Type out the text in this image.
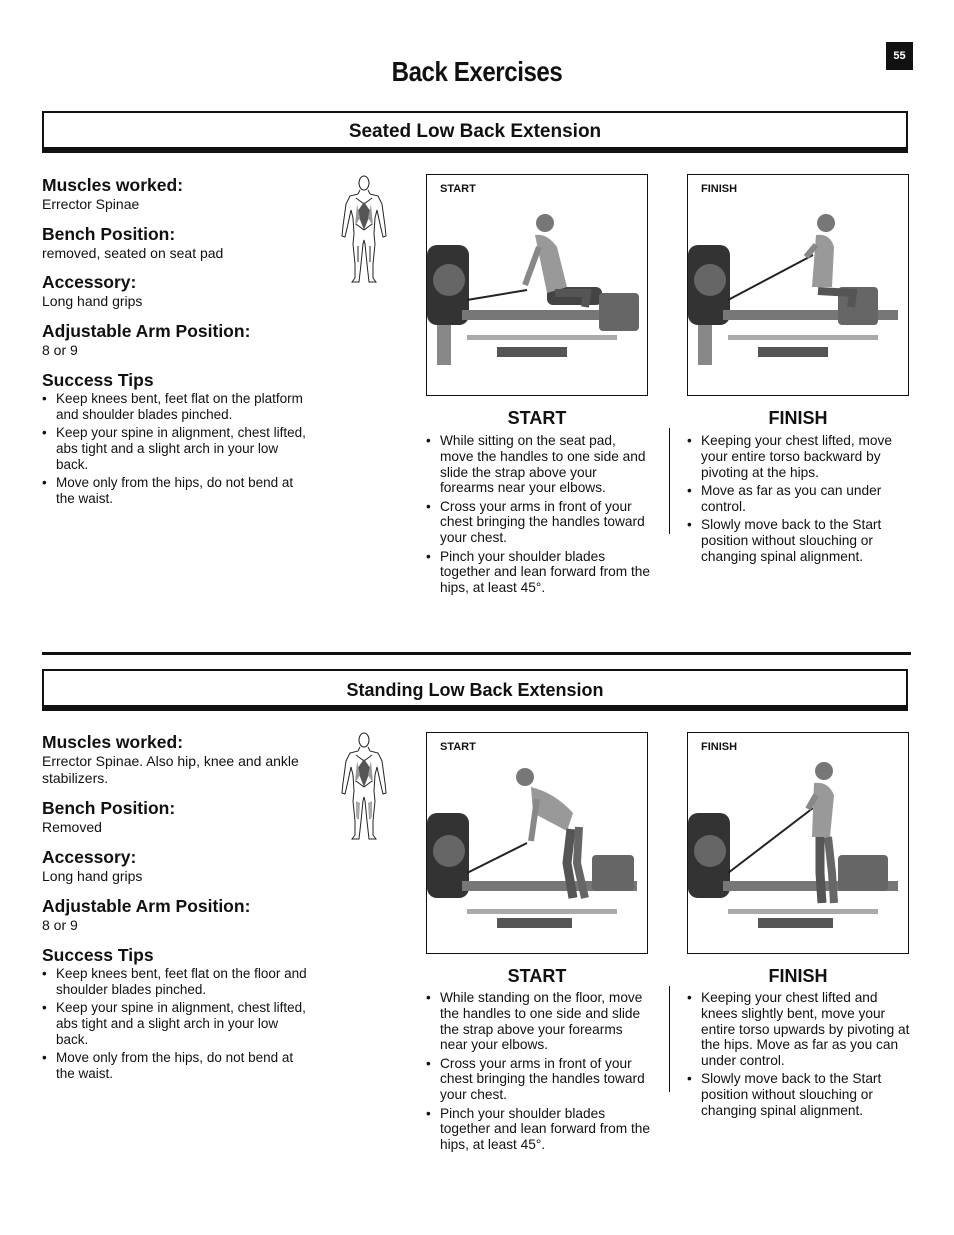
55
Back Exercises
Seated Low Back Extension
Muscles worked:
Errector Spinae
Bench Position:
removed, seated on seat pad
Accessory:
Long hand grips
Adjustable Arm Position:
8 or 9
Success Tips
• Keep knees bent, feet flat on the platform and shoulder blades pinched.
• Keep your spine in alignment, chest lifted, abs tight and a slight arch in your low back.
• Move only from the hips, do not bend at the waist.
START	FINISH
START	FINISH
• While sitting on the seat pad, move the handles to one side and slide the strap above your forearms near your elbows.
• Cross your arms in front of your chest bringing the handles toward your chest.
• Pinch your shoulder blades together and lean forward from the hips, at least 45°.
• Keeping your chest lifted, move your entire torso backward by pivoting at the hips.
• Move as far as you can under control.
• Slowly move back to the Start position without slouching or changing spinal alignment.
Standing Low Back Extension
Muscles worked:
Errector Spinae. Also hip, knee and ankle stabilizers.
Bench Position:
Removed
Accessory:
Long hand grips
Adjustable Arm Position:
8 or 9
Success Tips
• Keep knees bent, feet flat on the floor and shoulder blades pinched.
• Keep your spine in alignment, chest lifted, abs tight and a slight arch in your low back.
• Move only from the hips, do not bend at the waist.
START	FINISH
START	FINISH
• While standing on the floor, move the handles to one side and slide the strap above your forearms near your elbows.
• Cross your arms in front of your chest bringing the handles toward your chest.
• Pinch your shoulder blades together and lean forward from the hips, at least 45°.
• Keeping your chest lifted and knees slightly bent, move your entire torso upwards by pivoting at the hips. Move as far as you can under control.
• Slowly move back to the Start position without slouching or changing spinal alignment.
